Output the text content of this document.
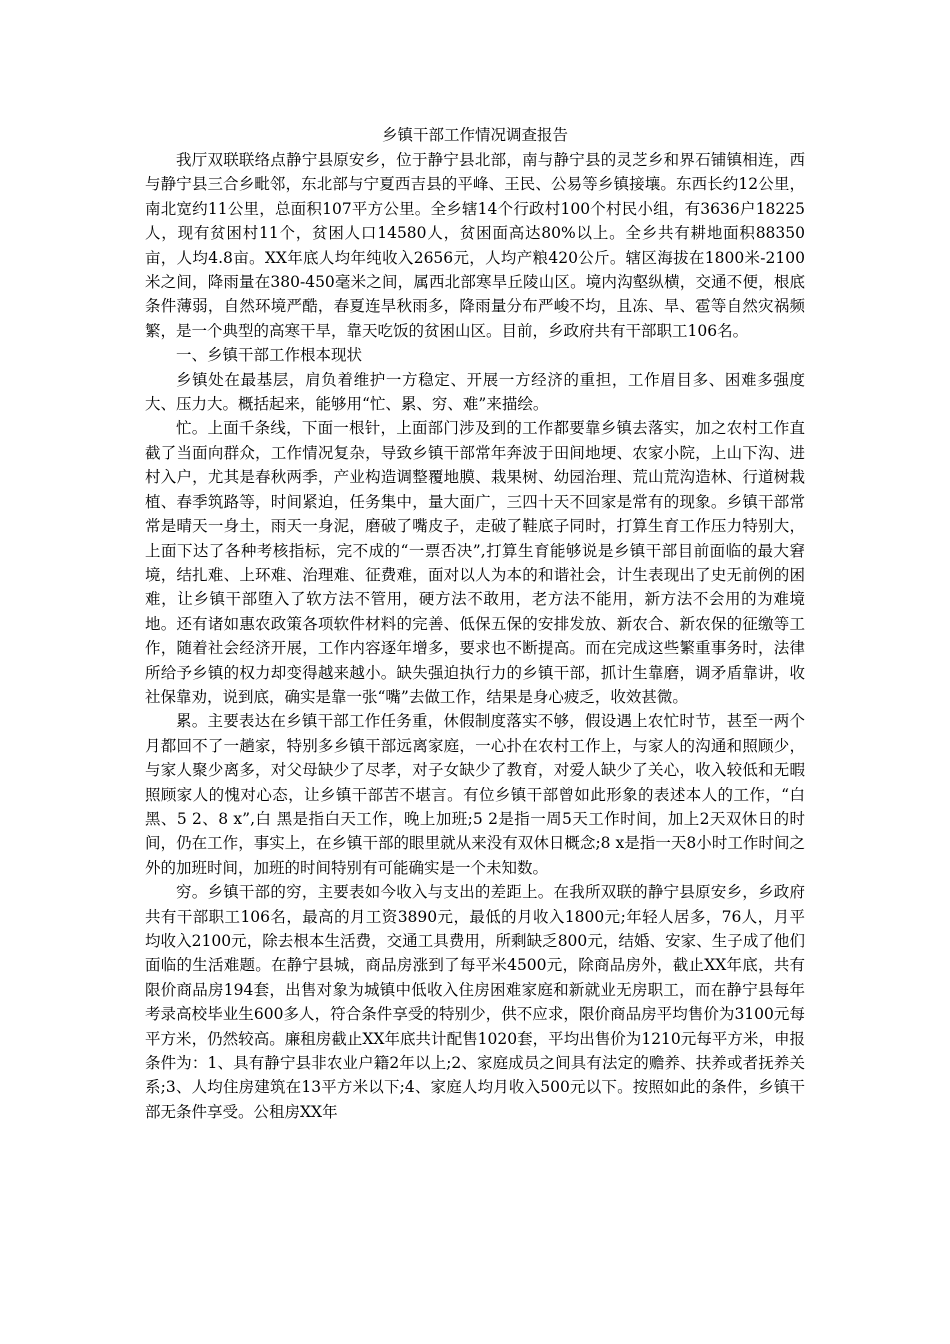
乡镇干部工作情况调查报告

我厅双联联络点静宁县原安乡，位于静宁县北部，南与静宁县的灵芝乡和界石铺镇相连，西与静宁县三合乡毗邻，东北部与宁夏西吉县的平峰、王民、公易等乡镇接壤。东西长约12公里，南北宽约11公里，总面积107平方公里。全乡辖14个行政村100个村民小组，有3636户18225人，现有贫困村11个，贫困人口14580人，贫困面高达80%以上。全乡共有耕地面积88350亩，人均4.8亩。XX年底人均年纯收入2656元，人均产粮420公斤。辖区海拔在1800米-2100米之间，降雨量在380-450毫米之间，属西北部寒旱丘陵山区。境内沟壑纵横，交通不便，根底条件薄弱，自然环境严酷，春夏连旱秋雨多，降雨量分布严峻不均，且冻、旱、雹等自然灾祸频繁，是一个典型的高寒干旱，靠天吃饭的贫困山区。目前，乡政府共有干部职工106名。

一、乡镇干部工作根本现状

乡镇处在最基层，肩负着维护一方稳定、开展一方经济的重担，工作眉目多、困难多强度大、压力大。概括起来，能够用“忙、累、穷、难”来描绘。

忙。上面千条线，下面一根针，上面部门涉及到的工作都要靠乡镇去落实，加之农村工作直截了当面向群众，工作情况复杂，导致乡镇干部常年奔波于田间地埂、农家小院，上山下沟、进村入户，尤其是春秋两季，产业构造调整覆地膜、栽果树、幼园治理、荒山荒沟造林、行道树栽植、春季筑路等，时间紧迫，任务集中，量大面广，三四十天不回家是常有的现象。乡镇干部常常是晴天一身土，雨天一身泥，磨破了嘴皮子，走破了鞋底子同时，打算生育工作压力特别大，上面下达了各种考核指标，完不成的“一票否决”,打算生育能够说是乡镇干部目前面临的最大窘境，结扎难、上环难、治理难、征费难，面对以人为本的和谐社会，计生表现出了史无前例的困难，让乡镇干部堕入了软方法不管用，硬方法不敢用，老方法不能用，新方法不会用的为难境地。还有诸如惠农政策各项软件材料的完善、低保五保的安排发放、新农合、新农保的征缴等工作，随着社会经济开展，工作内容逐年增多，要求也不断提高。而在完成这些繁重事务时，法律所给予乡镇的权力却变得越来越小。缺失强迫执行力的乡镇干部，抓计生靠磨，调矛盾靠讲，收社保靠劝，说到底，确实是靠一张“嘴”去做工作，结果是身心疲乏，收效甚微。

累。主要表达在乡镇干部工作任务重，休假制度落实不够，假设遇上农忙时节，甚至一两个月都回不了一趟家，特别多乡镇干部远离家庭，一心扑在农村工作上，与家人的沟通和照顾少，与家人聚少离多，对父母缺少了尽孝，对子女缺少了教育，对爱人缺少了关心，收入较低和无暇照顾家人的愧对心态，让乡镇干部苦不堪言。有位乡镇干部曾如此形象的表述本人的工作，“白 黑、5 2、8 x”,白 黑是指白天工作，晚上加班;5 2是指一周5天工作时间，加上2天双休日的时间，仍在工作，事实上，在乡镇干部的眼里就从来没有双休日概念;8 x是指一天8小时工作时间之外的加班时间，加班的时间特别有可能确实是一个未知数。

穷。乡镇干部的穷，主要表如今收入与支出的差距上。在我所双联的静宁县原安乡，乡政府共有干部职工106名，最高的月工资3890元，最低的月收入1800元;年轻人居多，76人，月平均收入2100元，除去根本生活费，交通工具费用，所剩缺乏800元，结婚、安家、生子成了他们面临的生活难题。在静宁县城，商品房涨到了每平米4500元，除商品房外，截止XX年底，共有限价商品房194套，出售对象为城镇中低收入住房困难家庭和新就业无房职工，而在静宁县每年考录高校毕业生600多人，符合条件享受的特别少，供不应求，限价商品房平均售价为3100元每平方米，仍然较高。廉租房截止XX年底共计配售1020套，平均出售价为1210元每平方米，申报条件为：1、具有静宁县非农业户籍2年以上;2、家庭成员之间具有法定的赡养、扶养或者抚养关系;3、人均住房建筑在13平方米以下;4、家庭人均月收入500元以下。按照如此的条件，乡镇干部无条件享受。公租房XX年
